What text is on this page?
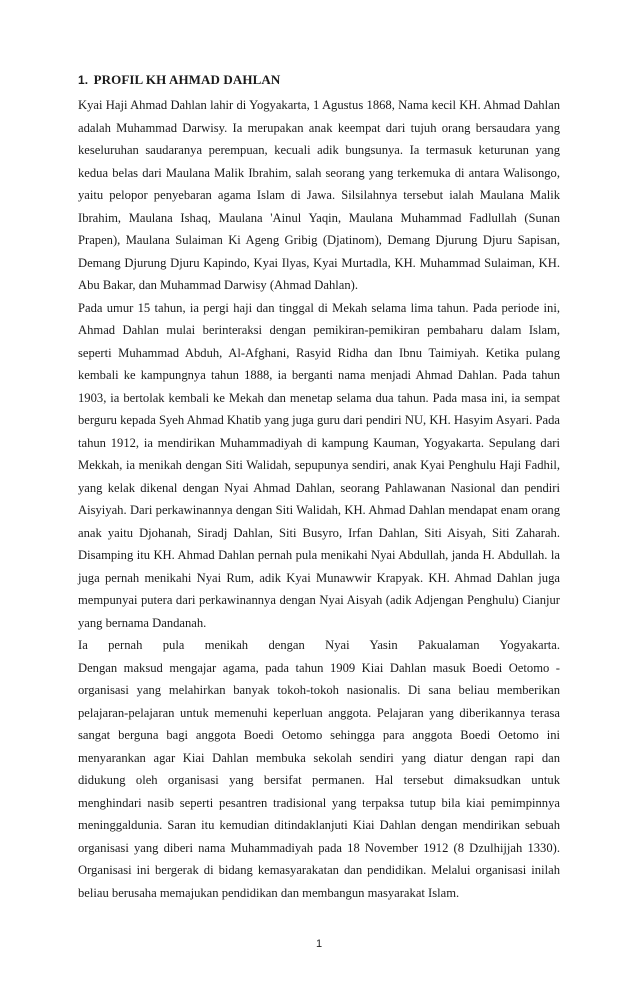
1. PROFIL KH AHMAD DAHLAN

Kyai Haji Ahmad Dahlan lahir di Yogyakarta, 1 Agustus 1868, Nama kecil KH. Ahmad Dahlan adalah Muhammad Darwisy. Ia merupakan anak keempat dari tujuh orang bersaudara yang keseluruhan saudaranya perempuan, kecuali adik bungsunya. Ia termasuk keturunan yang kedua belas dari Maulana Malik Ibrahim, salah seorang yang terkemuka di antara Walisongo, yaitu pelopor penyebaran agama Islam di Jawa. Silsilahnya tersebut ialah Maulana Malik Ibrahim, Maulana Ishaq, Maulana 'Ainul Yaqin, Maulana Muhammad Fadlullah (Sunan Prapen), Maulana Sulaiman Ki Ageng Gribig (Djatinom), Demang Djurung Djuru Sapisan, Demang Djurung Djuru Kapindo, Kyai Ilyas, Kyai Murtadla, KH. Muhammad Sulaiman, KH. Abu Bakar, dan Muhammad Darwisy (Ahmad Dahlan).

Pada umur 15 tahun, ia pergi haji dan tinggal di Mekah selama lima tahun. Pada periode ini, Ahmad Dahlan mulai berinteraksi dengan pemikiran-pemikiran pembaharu dalam Islam, seperti Muhammad Abduh, Al-Afghani, Rasyid Ridha dan Ibnu Taimiyah. Ketika pulang kembali ke kampungnya tahun 1888, ia berganti nama menjadi Ahmad Dahlan. Pada tahun 1903, ia bertolak kembali ke Mekah dan menetap selama dua tahun. Pada masa ini, ia sempat berguru kepada Syeh Ahmad Khatib yang juga guru dari pendiri NU, KH. Hasyim Asyari. Pada tahun 1912, ia mendirikan Muhammadiyah di kampung Kauman, Yogyakarta. Sepulang dari Mekkah, ia menikah dengan Siti Walidah, sepupunya sendiri, anak Kyai Penghulu Haji Fadhil, yang kelak dikenal dengan Nyai Ahmad Dahlan, seorang Pahlawanan Nasional dan pendiri Aisyiyah. Dari perkawinannya dengan Siti Walidah, KH. Ahmad Dahlan mendapat enam orang anak yaitu Djohanah, Siradj Dahlan, Siti Busyro, Irfan Dahlan, Siti Aisyah, Siti Zaharah. Disamping itu KH. Ahmad Dahlan pernah pula menikahi Nyai Abdullah, janda H. Abdullah. la juga pernah menikahi Nyai Rum, adik Kyai Munawwir Krapyak. KH. Ahmad Dahlan juga mempunyai putera dari perkawinannya dengan Nyai Aisyah (adik Adjengan Penghulu) Cianjur yang bernama Dandanah.

Ia pernah pula menikah dengan Nyai Yasin Pakualaman Yogyakarta.

Dengan maksud mengajar agama, pada tahun 1909 Kiai Dahlan masuk Boedi Oetomo - organisasi yang melahirkan banyak tokoh-tokoh nasionalis. Di sana beliau memberikan pelajaran-pelajaran untuk memenuhi keperluan anggota. Pelajaran yang diberikannya terasa sangat berguna bagi anggota Boedi Oetomo sehingga para anggota Boedi Oetomo ini menyarankan agar Kiai Dahlan membuka sekolah sendiri yang diatur dengan rapi dan didukung oleh organisasi yang bersifat permanen. Hal tersebut dimaksudkan untuk menghindari nasib seperti pesantren tradisional yang terpaksa tutup bila kiai pemimpinnya meninggaldunia. Saran itu kemudian ditindaklanjuti Kiai Dahlan dengan mendirikan sebuah organisasi yang diberi nama Muhammadiyah pada 18 November 1912 (8 Dzulhijjah 1330). Organisasi ini bergerak di bidang kemasyarakatan dan pendidikan. Melalui organisasi inilah beliau berusaha memajukan pendidikan dan membangun masyarakat Islam.

1
